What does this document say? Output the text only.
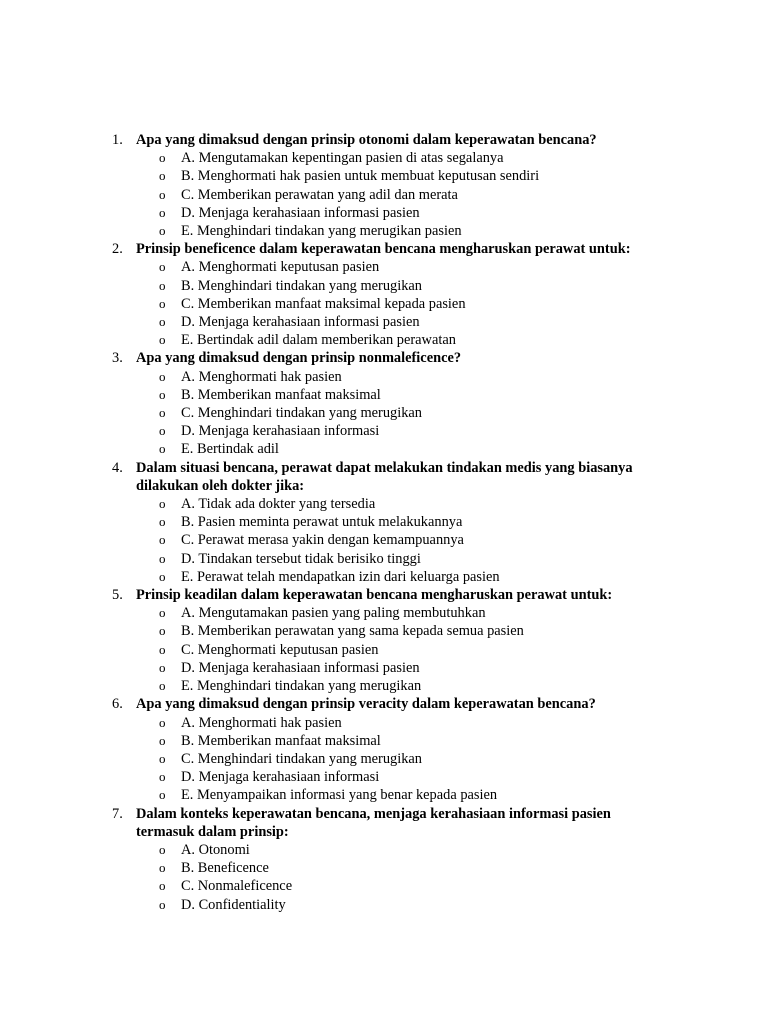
1. Apa yang dimaksud dengan prinsip otonomi dalam keperawatan bencana?
o A. Mengutamakan kepentingan pasien di atas segalanya
o B. Menghormati hak pasien untuk membuat keputusan sendiri
o C. Memberikan perawatan yang adil dan merata
o D. Menjaga kerahasiaan informasi pasien
o E. Menghindari tindakan yang merugikan pasien
2. Prinsip beneficence dalam keperawatan bencana mengharuskan perawat untuk:
o A. Menghormati keputusan pasien
o B. Menghindari tindakan yang merugikan
o C. Memberikan manfaat maksimal kepada pasien
o D. Menjaga kerahasiaan informasi pasien
o E. Bertindak adil dalam memberikan perawatan
3. Apa yang dimaksud dengan prinsip nonmaleficence?
o A. Menghormati hak pasien
o B. Memberikan manfaat maksimal
o C. Menghindari tindakan yang merugikan
o D. Menjaga kerahasiaan informasi
o E. Bertindak adil
4. Dalam situasi bencana, perawat dapat melakukan tindakan medis yang biasanya dilakukan oleh dokter jika:
o A. Tidak ada dokter yang tersedia
o B. Pasien meminta perawat untuk melakukannya
o C. Perawat merasa yakin dengan kemampuannya
o D. Tindakan tersebut tidak berisiko tinggi
o E. Perawat telah mendapatkan izin dari keluarga pasien
5. Prinsip keadilan dalam keperawatan bencana mengharuskan perawat untuk:
o A. Mengutamakan pasien yang paling membutuhkan
o B. Memberikan perawatan yang sama kepada semua pasien
o C. Menghormati keputusan pasien
o D. Menjaga kerahasiaan informasi pasien
o E. Menghindari tindakan yang merugikan
6. Apa yang dimaksud dengan prinsip veracity dalam keperawatan bencana?
o A. Menghormati hak pasien
o B. Memberikan manfaat maksimal
o C. Menghindari tindakan yang merugikan
o D. Menjaga kerahasiaan informasi
o E. Menyampaikan informasi yang benar kepada pasien
7. Dalam konteks keperawatan bencana, menjaga kerahasiaan informasi pasien termasuk dalam prinsip:
o A. Otonomi
o B. Beneficence
o C. Nonmaleficence
o D. Confidentiality
